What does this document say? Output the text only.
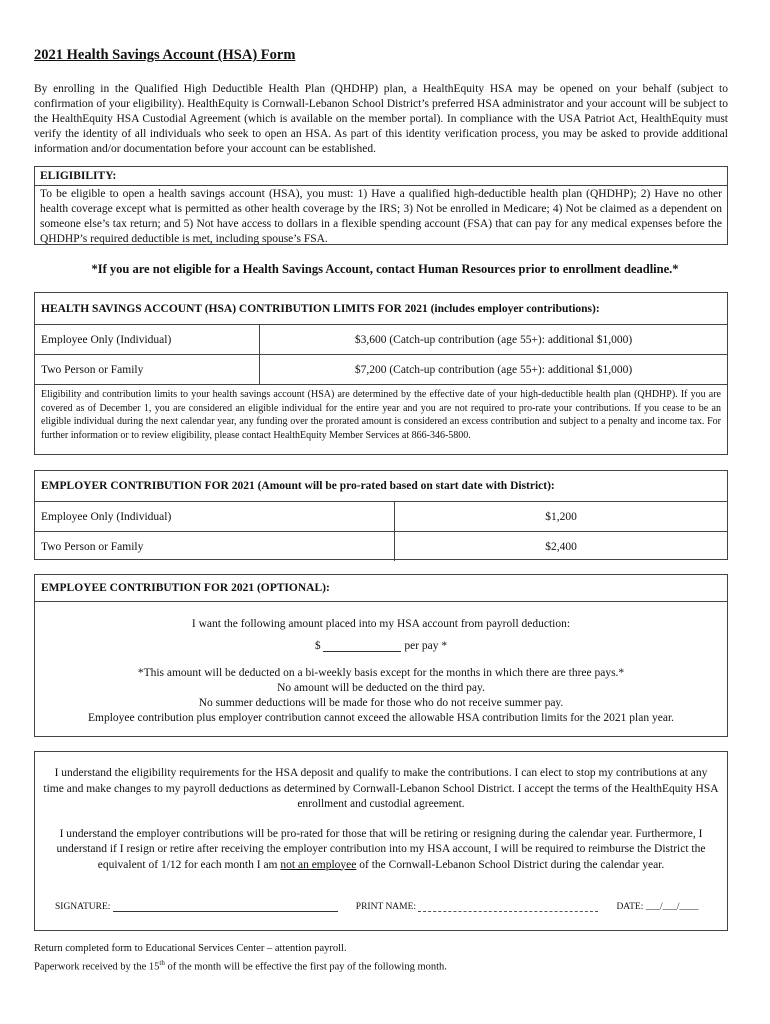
2021 Health Savings Account (HSA) Form
By enrolling in the Qualified High Deductible Health Plan (QHDHP) plan, a HealthEquity HSA may be opened on your behalf (subject to confirmation of your eligibility). HealthEquity is Cornwall-Lebanon School District’s preferred HSA administrator and your account will be subject to the HealthEquity HSA Custodial Agreement (which is available on the member portal). In compliance with the USA Patriot Act, HealthEquity must verify the identity of all individuals who seek to open an HSA. As part of this identity verification process, you may be asked to provide additional information and/or documentation before your account can be established.
ELIGIBILITY:
To be eligible to open a health savings account (HSA), you must: 1) Have a qualified high-deductible health plan (QHDHP); 2) Have no other health coverage except what is permitted as other health coverage by the IRS; 3) Not be enrolled in Medicare; 4) Not be claimed as a dependent on someone else’s tax return; and 5) Not have access to dollars in a flexible spending account (FSA) that can pay for any medical expenses before the QHDHP’s required deductible is met, including spouse’s FSA.
*If you are not eligible for a Health Savings Account, contact Human Resources prior to enrollment deadline.*
HEALTH SAVINGS ACCOUNT (HSA) CONTRIBUTION LIMITS FOR 2021 (includes employer contributions):
Employee Only (Individual)	$3,600 (Catch-up contribution (age 55+): additional $1,000)
Two Person or Family	$7,200 (Catch-up contribution (age 55+): additional $1,000)
Eligibility and contribution limits to your health savings account (HSA) are determined by the effective date of your high-deductible health plan (QHDHP). If you are covered as of December 1, you are considered an eligible individual for the entire year and you are not required to pro-rate your contributions. If you cease to be an eligible individual during the next calendar year, any funding over the prorated amount is considered an excess contribution and subject to a penalty and income tax. For further information or to review eligibility, please contact HealthEquity Member Services at 866-346-5800.
EMPLOYER CONTRIBUTION FOR 2021 (Amount will be pro-rated based on start date with District):
Employee Only (Individual)	$1,200
Two Person or Family	$2,400
EMPLOYEE CONTRIBUTION FOR 2021 (OPTIONAL):
I want the following amount placed into my HSA account from payroll deduction:
$	per pay *
*This amount will be deducted on a bi-weekly basis except for the months in which there are three pays.*
No amount will be deducted on the third pay.
No summer deductions will be made for those who do not receive summer pay.
Employee contribution plus employer contribution cannot exceed the allowable HSA contribution limits for the 2021 plan year.

I understand the eligibility requirements for the HSA deposit and qualify to make the contributions. I can elect to stop my contributions at any time and make changes to my payroll deductions as determined by Cornwall-Lebanon School District. I accept the terms of the HealthEquity HSA enrollment and custodial agreement.

I understand the employer contributions will be pro-rated for those that will be retiring or resigning during the calendar year. Furthermore, I understand if I resign or retire after receiving the employer contribution into my HSA account, I will be required to reimburse the District the equivalent of 1/12 for each month I am not an employee of the Cornwall-Lebanon School District during the calendar year.

SIGNATURE:	PRINT NAME:	DATE: ___/___/____
Return completed form to Educational Services Center – attention payroll.
Paperwork received by the 15th of the month will be effective the first pay of the following month.
